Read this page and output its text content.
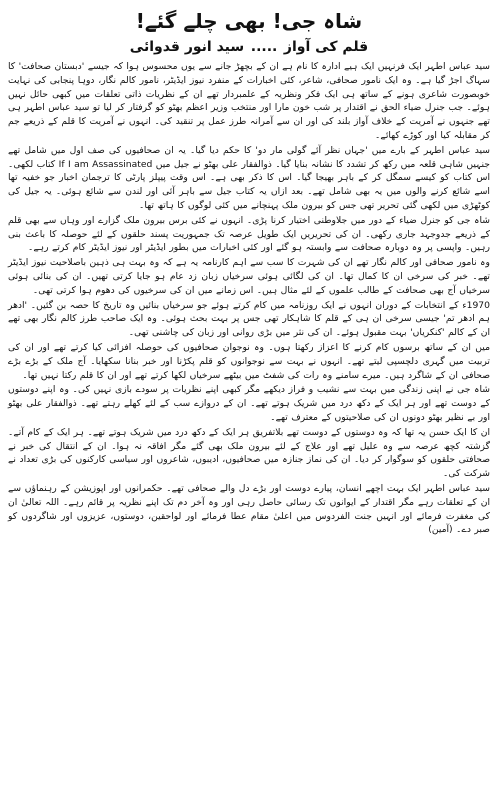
شاہ جی! بھی چلے گئے!
قلم کی آواز ..... سید انور قدوائی

سید عباس اطہر ایک فرنہیں ایک ہیے ادارہ کا نام ہے ان کے بچھڑ جانے سے یوں محسوس ہوا کہ جیسے 'دبستان صحافت' کا سہاگ اجڑ گیا ہے۔ وہ ایک نامور صحافی، شاعر، کئی اخبارات کے منفرد نیوز ایڈیٹر، نامور کالم نگار، دوہا پنجابی کی نہایت خوبصورت شاعری ہونے کے ساتھ ہی ایک فکر ونظریہ کے علمبردار تھے ان کے نظریات ذاتی تعلقات میں کبھی حائل نہیں ہوئے۔ جب جنرل ضیاء الحق نے اقتدار پر شب خون مارا اور منتخب وزیر اعظم بھٹو کو گرفتار کر لیا تو سید عباس اطہر ہی تھے جنہوں نے آمریت کے خلاف آواز بلند کی اور ان سے آمرانہ طرز عمل پر تنقید کی۔ انہوں نے آمریت کا قلم کے ذریعے جم کر مقابلہ کیا اور کوڑے کھائے۔

سید عباس اطہر کے بارے میں 'جہاں نظر آئے گولی مار دو' کا حکم دیا گیا۔ یہ ان صحافیوں کی صف اول میں شامل تھے جنہیں شاہی قلعہ میں رکھ کر تشدد کا نشانہ بنایا گیا۔ ذوالفقار علی بھٹو نے جیل میں If I am Assassinated کتاب لکھی۔ اس کتاب کو کیسے سمگل کر کے باہر بھیجا گیا۔ اس کا ذکر بھی ہے۔ اس وقت پیپلز پارٹی کا ترجمان اخبار جو خفیہ تھا اسے شائع کرنے والوں میں یہ بھی شامل تھے۔ بعد ازاں یہ کتاب جیل سے باہر آئی اور لندن سے شائع ہوئی۔ یہ جیل کی کوٹھڑی میں لکھی گئی تحریر تھی جس کو بیرون ملک پہنچانے میں کئی لوگوں کا ہاتھ تھا۔

شاہ جی کو جنرل ضیاء کے دور میں جلاوطنی اختیار کرنا پڑی۔ انہوں نے کئی برس بیرون ملک گزارے اور وہاں سے بھی قلم کے ذریعے جدوجہد جاری رکھی۔ ان کی تحریریں ایک طویل عرصہ تک جمہوریت پسند حلقوں کے لئے حوصلہ کا باعث بنی رہیں۔ واپسی پر وہ دوبارہ صحافت سے وابستہ ہو گئے اور کئی اخبارات میں بطور ایڈیٹر اور نیوز ایڈیٹر کام کرتے رہے۔

وہ نامور صحافی اور کالم نگار تھے ان کی شہرت کا سب سے اہم کارنامہ یہ ہے کہ وہ بہت ہی ذہین باصلاحیت نیوز ایڈیٹر تھے۔ خبر کی سرخی ان کا کمال تھا۔ ان کی لگائی ہوئی سرخیاں زبان زد عام ہو جایا کرتی تھیں۔ ان کی بنائی ہوئی سرخیاں آج بھی صحافت کے طالب علموں کے لئے مثال ہیں۔ اس زمانے میں ان کی سرخیوں کی دھوم ہوا کرتی تھی۔

1970ء کے انتخابات کے دوران انہوں نے ایک روزنامہ میں کام کرتے ہوئے جو سرخیاں بنائیں وہ تاریخ کا حصہ بن گئیں۔ 'ادھر ہم ادھر تم' جیسی سرخی ان ہی کے قلم کا شاہکار تھی جس پر بہت بحث ہوئی۔ وہ ایک صاحب طرز کالم نگار بھی تھے ان کے کالم 'کنکریاں' بہت مقبول ہوئے۔ ان کی نثر میں بڑی روانی اور زبان کی چاشنی تھی۔

میں ان کے ساتھ برسوں کام کرنے کا اعزاز رکھتا ہوں۔ وہ نوجوان صحافیوں کی حوصلہ افزائی کیا کرتے تھے اور ان کی تربیت میں گہری دلچسپی لیتے تھے۔ انہوں نے بہت سے نوجوانوں کو قلم پکڑنا اور خبر بنانا سکھایا۔ آج ملک کے بڑے بڑے صحافی ان کے شاگرد ہیں۔ میرے سامنے وہ رات کی شفٹ میں بیٹھے سرخیاں لکھا کرتے تھے اور ان کا قلم رکتا نہیں تھا۔

شاہ جی نے اپنی زندگی میں بہت سے نشیب و فراز دیکھے مگر کبھی اپنے نظریات پر سودے بازی نہیں کی۔ وہ اپنے دوستوں کے دوست تھے اور ہر ایک کے دکھ درد میں شریک ہوتے تھے۔ ان کے دروازے سب کے لئے کھلے رہتے تھے۔ ذوالفقار علی بھٹو اور بے نظیر بھٹو دونوں ان کی صلاحیتوں کے معترف تھے۔

ان کا ایک حسن یہ تھا کہ وہ دوستوں کے دوست تھے بلاتفریق ہر ایک کے دکھ درد میں شریک ہوتے تھے۔ ہر ایک کے کام آتے۔ گزشتہ کچھ عرصہ سے وہ علیل تھے اور علاج کے لئے بیرون ملک بھی گئے مگر افاقہ نہ ہوا۔ ان کے انتقال کی خبر نے صحافتی حلقوں کو سوگوار کر دیا۔ ان کی نماز جنازہ میں صحافیوں، ادیبوں، شاعروں اور سیاسی کارکنوں کی بڑی تعداد نے شرکت کی۔

سید عباس اطہر ایک بہت اچھے انسان، پیارے دوست اور بڑے دل والے صحافی تھے۔ حکمرانوں اور اپوزیشن کے رہنماؤں سے ان کے تعلقات رہے مگر اقتدار کے ایوانوں تک رسائی حاصل رہی اور وہ آخر دم تک اپنے نظریہ پر قائم رہے۔ اللہ تعالیٰ ان کی مغفرت فرمائے اور انہیں جنت الفردوس میں اعلیٰ مقام عطا فرمائے اور لواحقین، دوستوں، عزیزوں اور شاگردوں کو صبر دے۔ (آمین)
